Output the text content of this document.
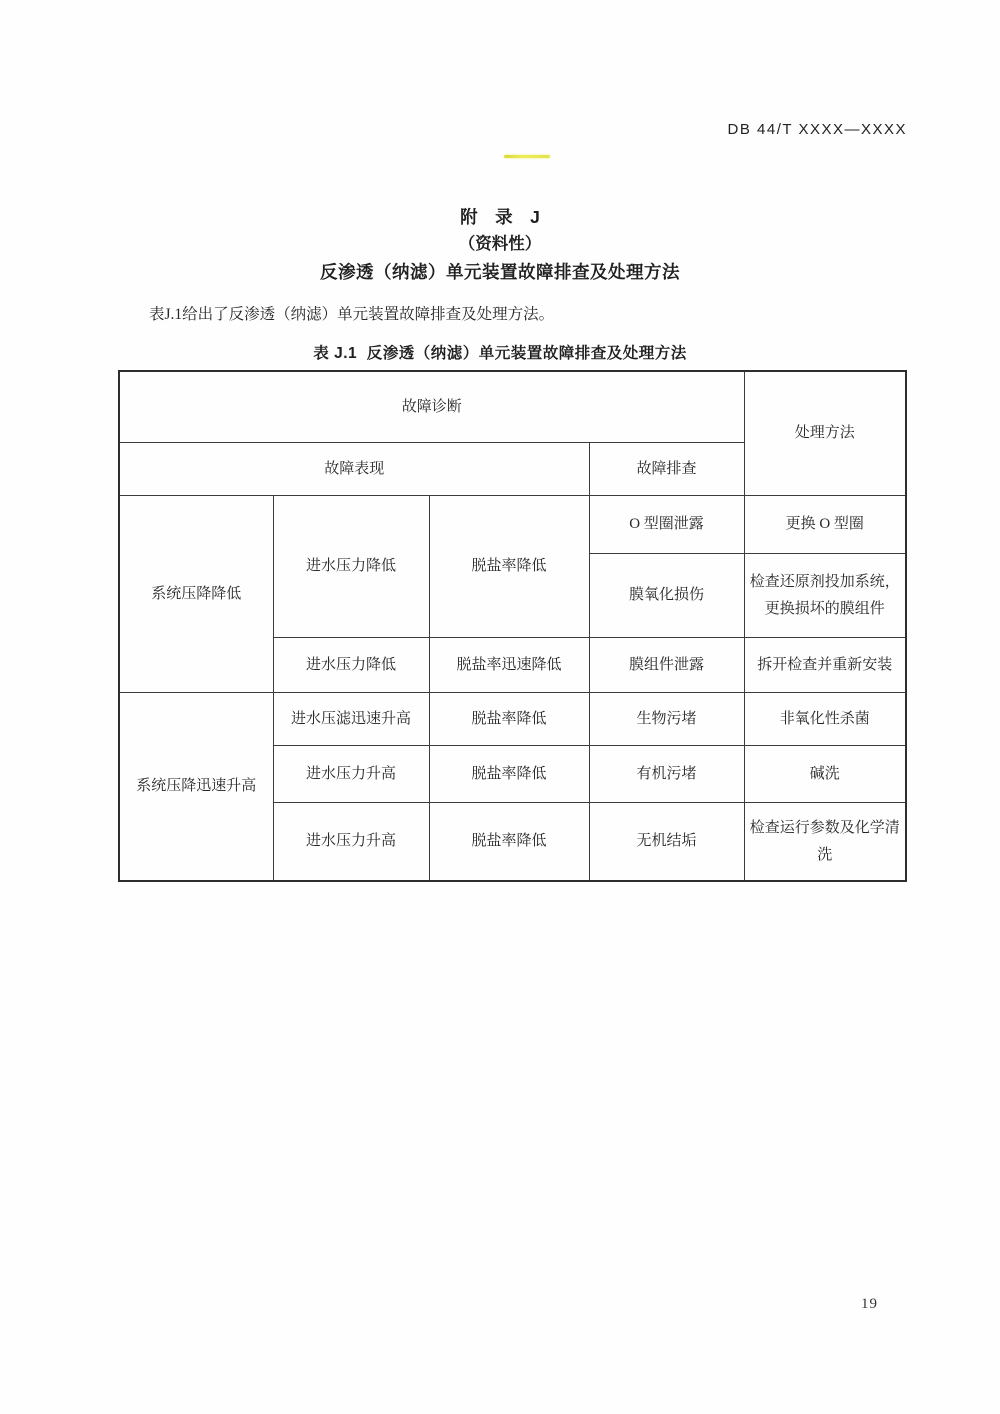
DB 44/T XXXX—XXXX
附　录　J
（资料性）
反渗透（纳滤）单元装置故障排查及处理方法
表J.1给出了反渗透（纳滤）单元装置故障排查及处理方法。
表 J.1  反渗透（纳滤）单元装置故障排查及处理方法
故障诊断				处理方法
故障表现			故障排查	
系统压降降低	进水压力降低	脱盐率降低	O 型圈泄露	更换 O 型圈
			膜氧化损伤	检查还原剂投加系统，更换损坏的膜组件
	进水压力降低	脱盐率迅速降低	膜组件泄露	拆开检查并重新安装
系统压降迅速升高	进水压滤迅速升高	脱盐率降低	生物污堵	非氧化性杀菌
	进水压力升高	脱盐率降低	有机污堵	碱洗
	进水压力升高	脱盐率降低	无机结垢	检查运行参数及化学清洗
19
